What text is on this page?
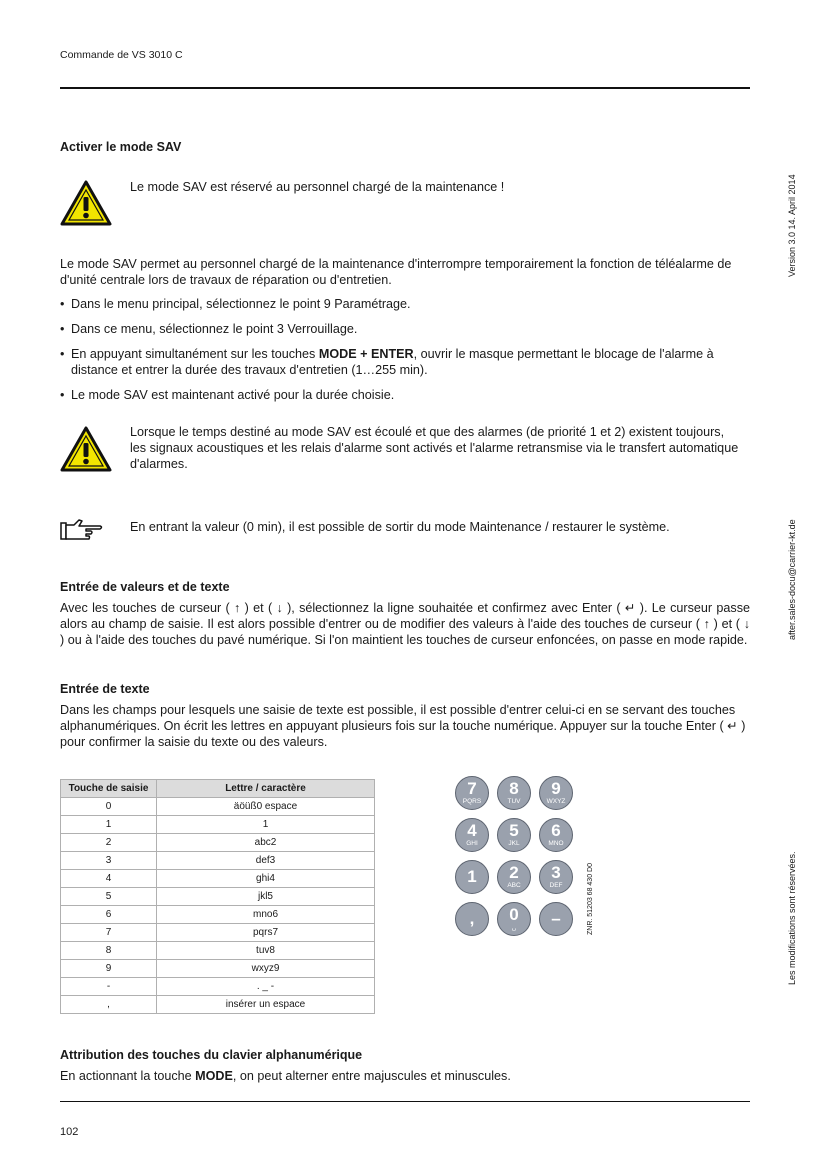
Commande de VS 3010 C
Activer le mode SAV
Le mode SAV est réservé au personnel chargé de la maintenance !
Le mode SAV permet au personnel chargé de la maintenance d'interrompre temporairement la fonction de téléalarme de d'unité centrale lors de travaux de réparation ou d'entretien.
• Dans le menu principal, sélectionnez le point 9 Paramétrage.
• Dans ce menu, sélectionnez le point 3 Verrouillage.
• En appuyant simultanément sur les touches MODE + ENTER, ouvrir le masque permettant le blocage de l'alarme à distance et entrer la durée des travaux d'entretien (1…255 min).
• Le mode SAV est maintenant activé pour la durée choisie.
Lorsque le temps destiné au mode SAV est écoulé et que des alarmes (de priorité 1 et 2) existent toujours, les signaux acoustiques et les relais d'alarme sont activés et l'alarme retransmise via le transfert automatique d'alarmes.
En entrant la valeur (0 min), il est possible de sortir du mode Maintenance / restaurer le système.
Entrée de valeurs et de texte
Avec les touches de curseur ( ↑ ) et ( ↓ ), sélectionnez la ligne souhaitée et confirmez avec Enter ( ↵ ). Le curseur passe alors au champ de saisie. Il est alors possible d'entrer ou de modifier des valeurs à l'aide des touches de curseur ( ↑ ) et ( ↓ ) ou à l'aide des touches du pavé numérique. Si l'on maintient les touches de curseur enfoncées, on passe en mode rapide.
Entrée de texte
Dans les champs pour lesquels une saisie de texte est possible, il est possible d'entrer celui-ci en se servant des touches alphanumériques. On écrit les lettres en appuyant plusieurs fois sur la touche numérique. Appuyer sur la touche Enter ( ↵ ) pour confirmer la saisie du texte ou des valeurs.
Touche de saisie	Lettre / caractère
0	äöüß0 espace
1	1
2	abc2
3	def3
4	ghi4
5	jkl5
6	mno6
7	pqrs7
8	tuv8
9	wxyz9
-	. _ -
,	insérer un espace
7
PQRS
8
TUV
9
WXYZ
4
GHI
5
JKL
6
MNO
1	2
ABC
3
DEF
,	0
␣	–	ZNR. 51203 68 430 D0
Attribution des touches du clavier alphanumérique
En actionnant la touche MODE, on peut alterner entre majuscules et minuscules.
102
Version 3.0 14. April 2014
after.sales-docu@carrier-kt.de
Les modifications sont réservées.
